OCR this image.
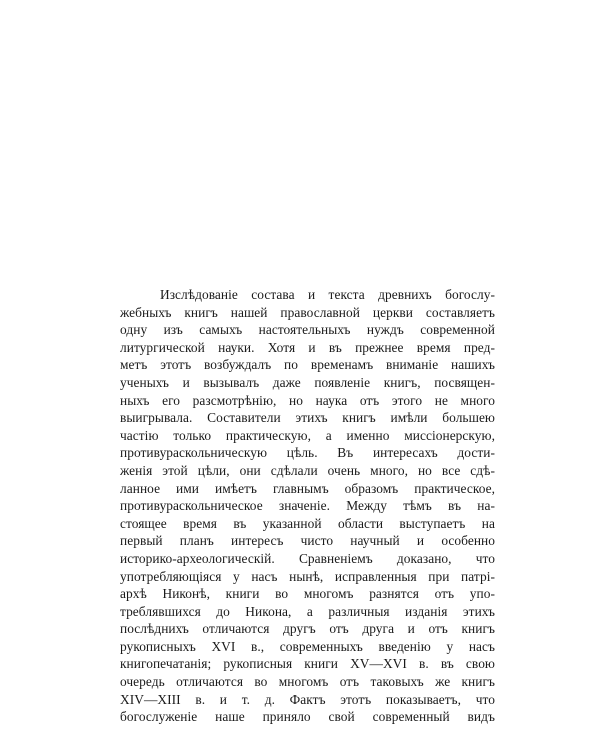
Изслѣдованіе состава и текста древнихъ богослу-
жебныхъ книгъ нашей православной церкви составляетъ
одну изъ самыхъ настоятельныхъ нуждъ современной
литургической науки. Хотя и въ прежнее время пред-
метъ этотъ возбуждалъ по временамъ вниманіе нашихъ
ученыхъ и вызывалъ даже появленіе книгъ, посвящен-
ныхъ его разсмотрѣнію, но наука отъ этого не много
выигрывала. Составители этихъ книгъ имѣли большею
частію только практическую, а именно миссіонерскую,
противураскольническую цѣль. Въ интересахъ дости-
женія этой цѣли, они сдѣлали очень много, но все сдѣ-
ланное ими имѣетъ главнымъ образомъ практическое,
противураскольническое значеніе. Между тѣмъ въ на-
стоящее время въ указанной области выступаетъ на
первый планъ интересъ чисто научный и особенно
историко-археологическій. Сравненіемъ доказано, что
употребляющіяся у насъ нынѣ, исправленныя при патрі-
архѣ Никонѣ, книги во многомъ разнятся отъ упо-
треблявшихся до Никона, а различныя изданія этихъ
послѣднихъ отличаются другъ отъ друга и отъ книгъ
рукописныхъ XVI в., современныхъ введенію у насъ
книгопечатанія; рукописныя книги XV—XVI в. въ свою
очередь отличаются во многомъ отъ таковыхъ же книгъ
XIV—XIII в. и т. д. Фактъ этотъ показываетъ, что
богослуженіе наше приняло свой современный видъ
